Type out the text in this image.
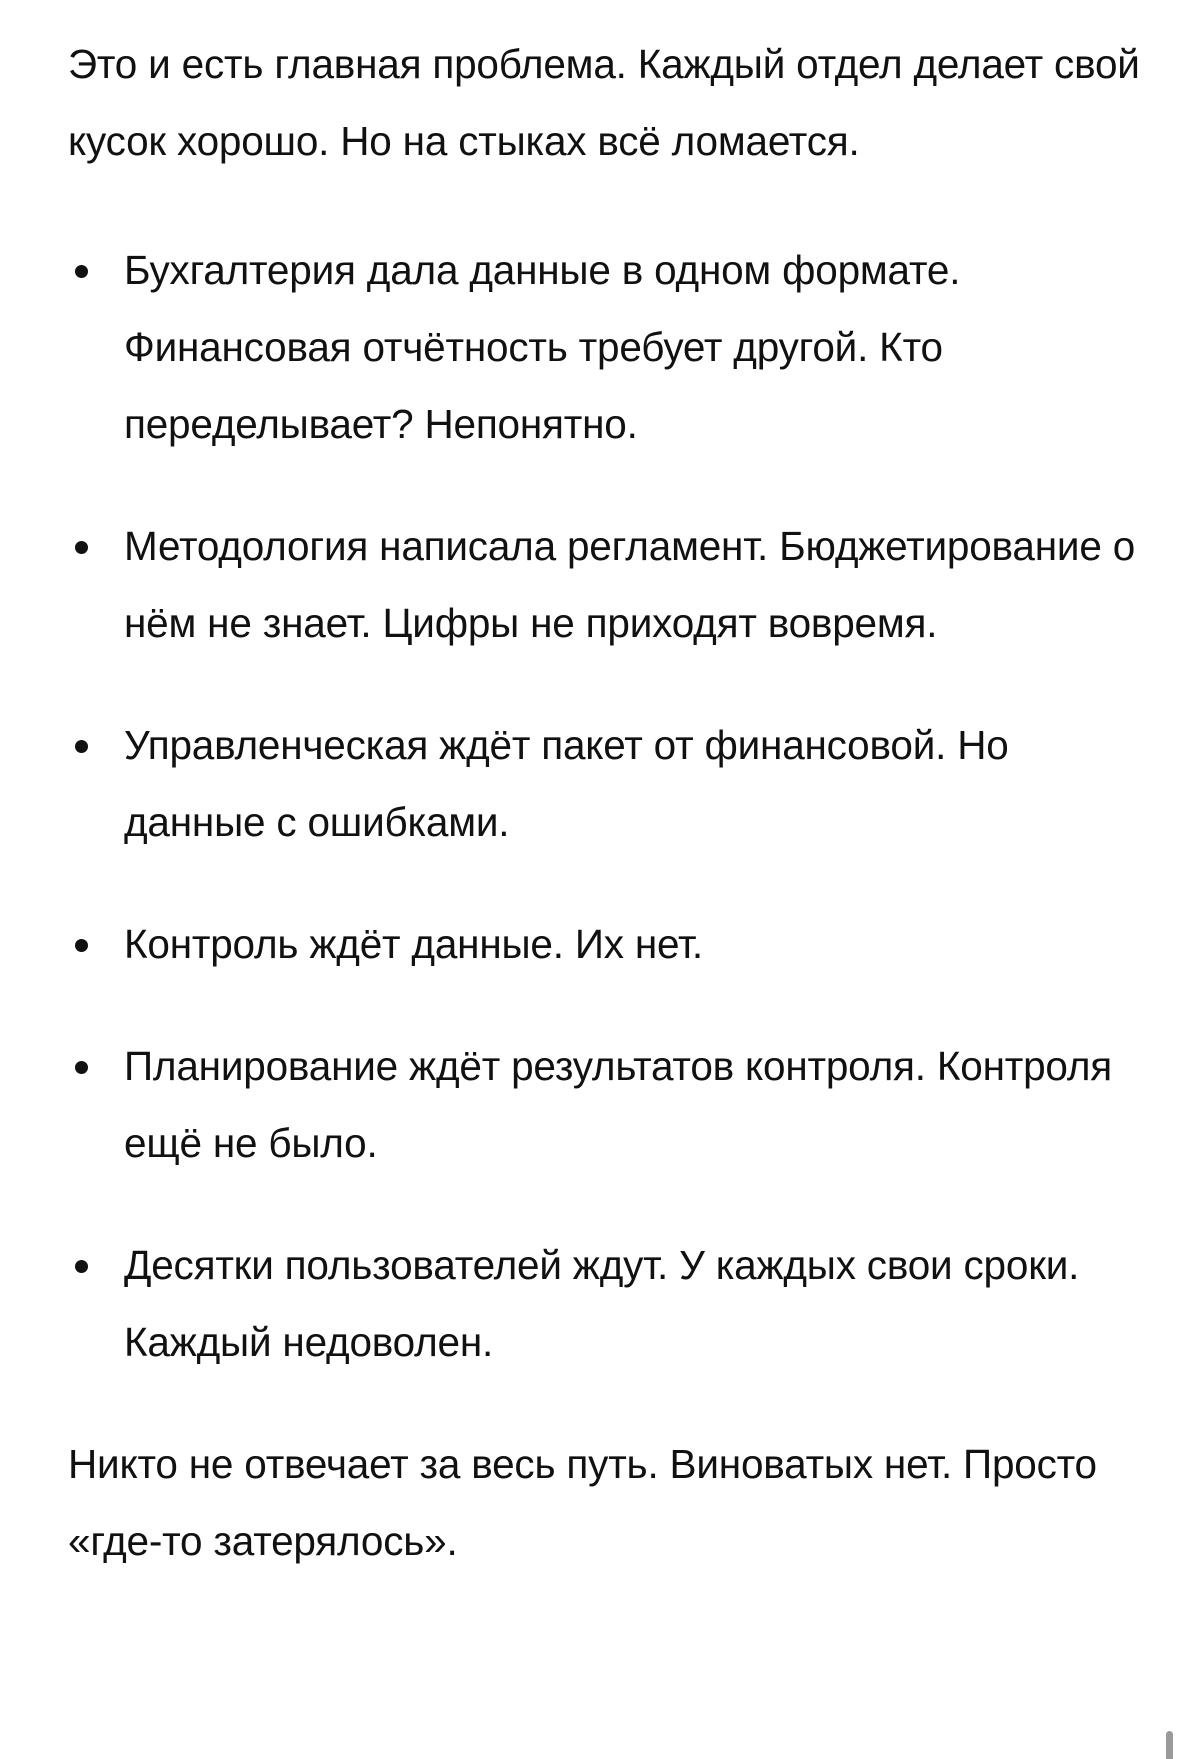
Это и есть главная проблема. Каждый отдел делает свой кусок хорошо. Но на стыках всё ломается.

Бухгалтерия дала данные в одном формате. Финансовая отчётность требует другой. Кто переделывает? Непонятно.
Методология написала регламент. Бюджетирование о нём не знает. Цифры не приходят вовремя.
Управленческая ждёт пакет от финансовой. Но данные с ошибками.
Контроль ждёт данные. Их нет.
Планирование ждёт результатов контроля. Контроля ещё не было.
Десятки пользователей ждут. У каждых свои сроки. Каждый недоволен.

Никто не отвечает за весь путь. Виноватых нет. Просто «где-то затерялось».
